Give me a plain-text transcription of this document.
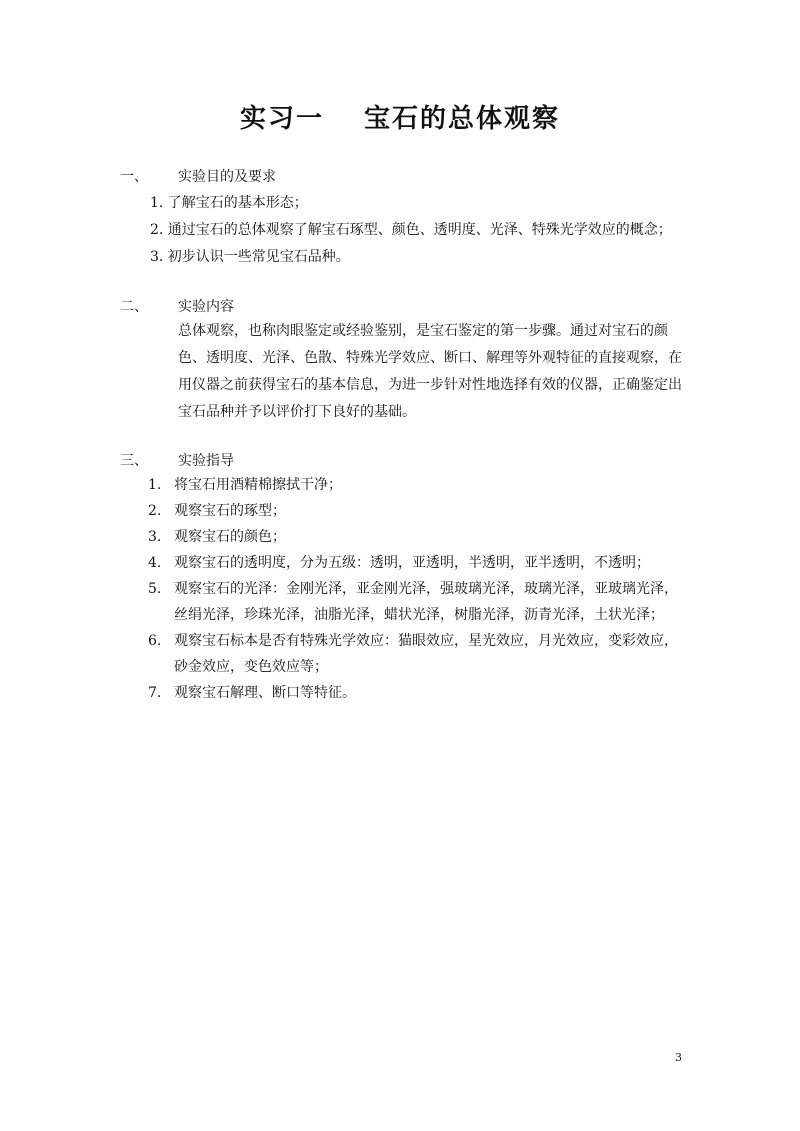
实习一 宝石的总体观察
一、 实验目的及要求
1. 了解宝石的基本形态；
2. 通过宝石的总体观察了解宝石琢型、颜色、透明度、光泽、特殊光学效应的概念；
3. 初步认识一些常见宝石品种。
二、 实验内容
总体观察，也称肉眼鉴定或经验鉴别，是宝石鉴定的第一步骤。通过对宝石的颜色、透明度、光泽、色散、特殊光学效应、断口、解理等外观特征的直接观察，在用仪器之前获得宝石的基本信息，为进一步针对性地选择有效的仪器，正确鉴定出宝石品种并予以评价打下良好的基础。
三、 实验指导
1. 将宝石用酒精棉擦拭干净；
2. 观察宝石的琢型；
3. 观察宝石的颜色；
4. 观察宝石的透明度，分为五级：透明，亚透明，半透明，亚半透明，不透明；
5. 观察宝石的光泽：金刚光泽，亚金刚光泽，强玻璃光泽，玻璃光泽，亚玻璃光泽，丝绢光泽，珍珠光泽，油脂光泽，蜡状光泽，树脂光泽，沥青光泽，土状光泽；
6. 观察宝石标本是否有特殊光学效应：猫眼效应，星光效应，月光效应，变彩效应，砂金效应，变色效应等；
7. 观察宝石解理、断口等特征。
3
